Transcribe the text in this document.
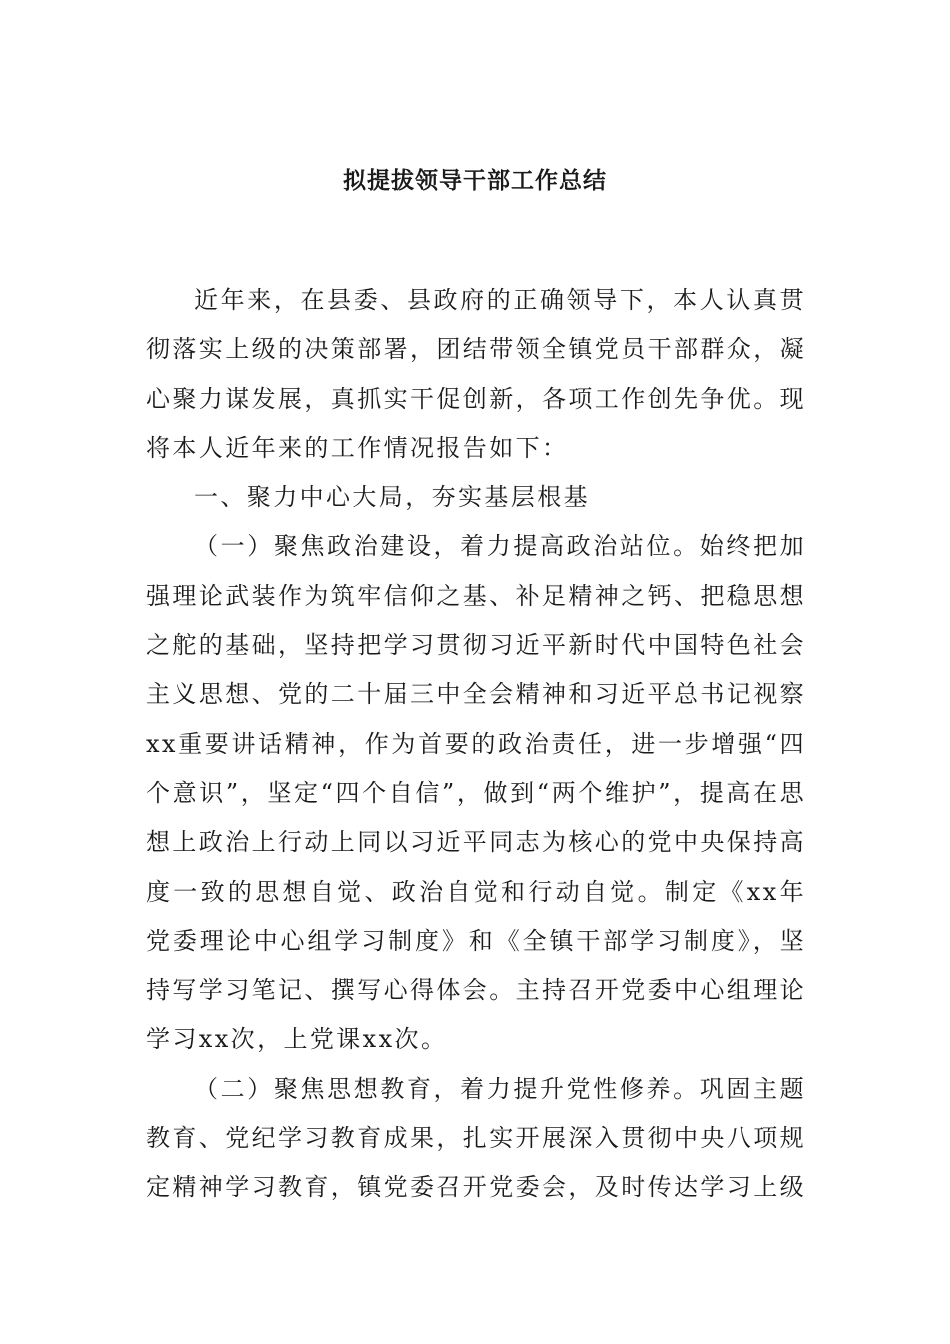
拟提拔领导干部工作总结

近年来，在县委、县政府的正确领导下，本人认真贯彻落实上级的决策部署，团结带领全镇党员干部群众，凝心聚力谋发展，真抓实干促创新，各项工作创先争优。现将本人近年来的工作情况报告如下：

一、聚力中心大局，夯实基层根基

（一）聚焦政治建设，着力提高政治站位。始终把加强理论武装作为筑牢信仰之基、补足精神之钙、把稳思想之舵的基础，坚持把学习贯彻习近平新时代中国特色社会主义思想、党的二十届三中全会精神和习近平总书记视察xx重要讲话精神，作为首要的政治责任，进一步增强“四个意识”，坚定“四个自信”，做到“两个维护”，提高在思想上政治上行动上同以习近平同志为核心的党中央保持高度一致的思想自觉、政治自觉和行动自觉。制定《xx年党委理论中心组学习制度》和《全镇干部学习制度》，坚持写学习笔记、撰写心得体会。主持召开党委中心组理论学习xx次，上党课xx次。

（二）聚焦思想教育，着力提升党性修养。巩固主题教育、党纪学习教育成果，扎实开展深入贯彻中央八项规定精神学习教育，镇党委召开党委会，及时传达学习上级
